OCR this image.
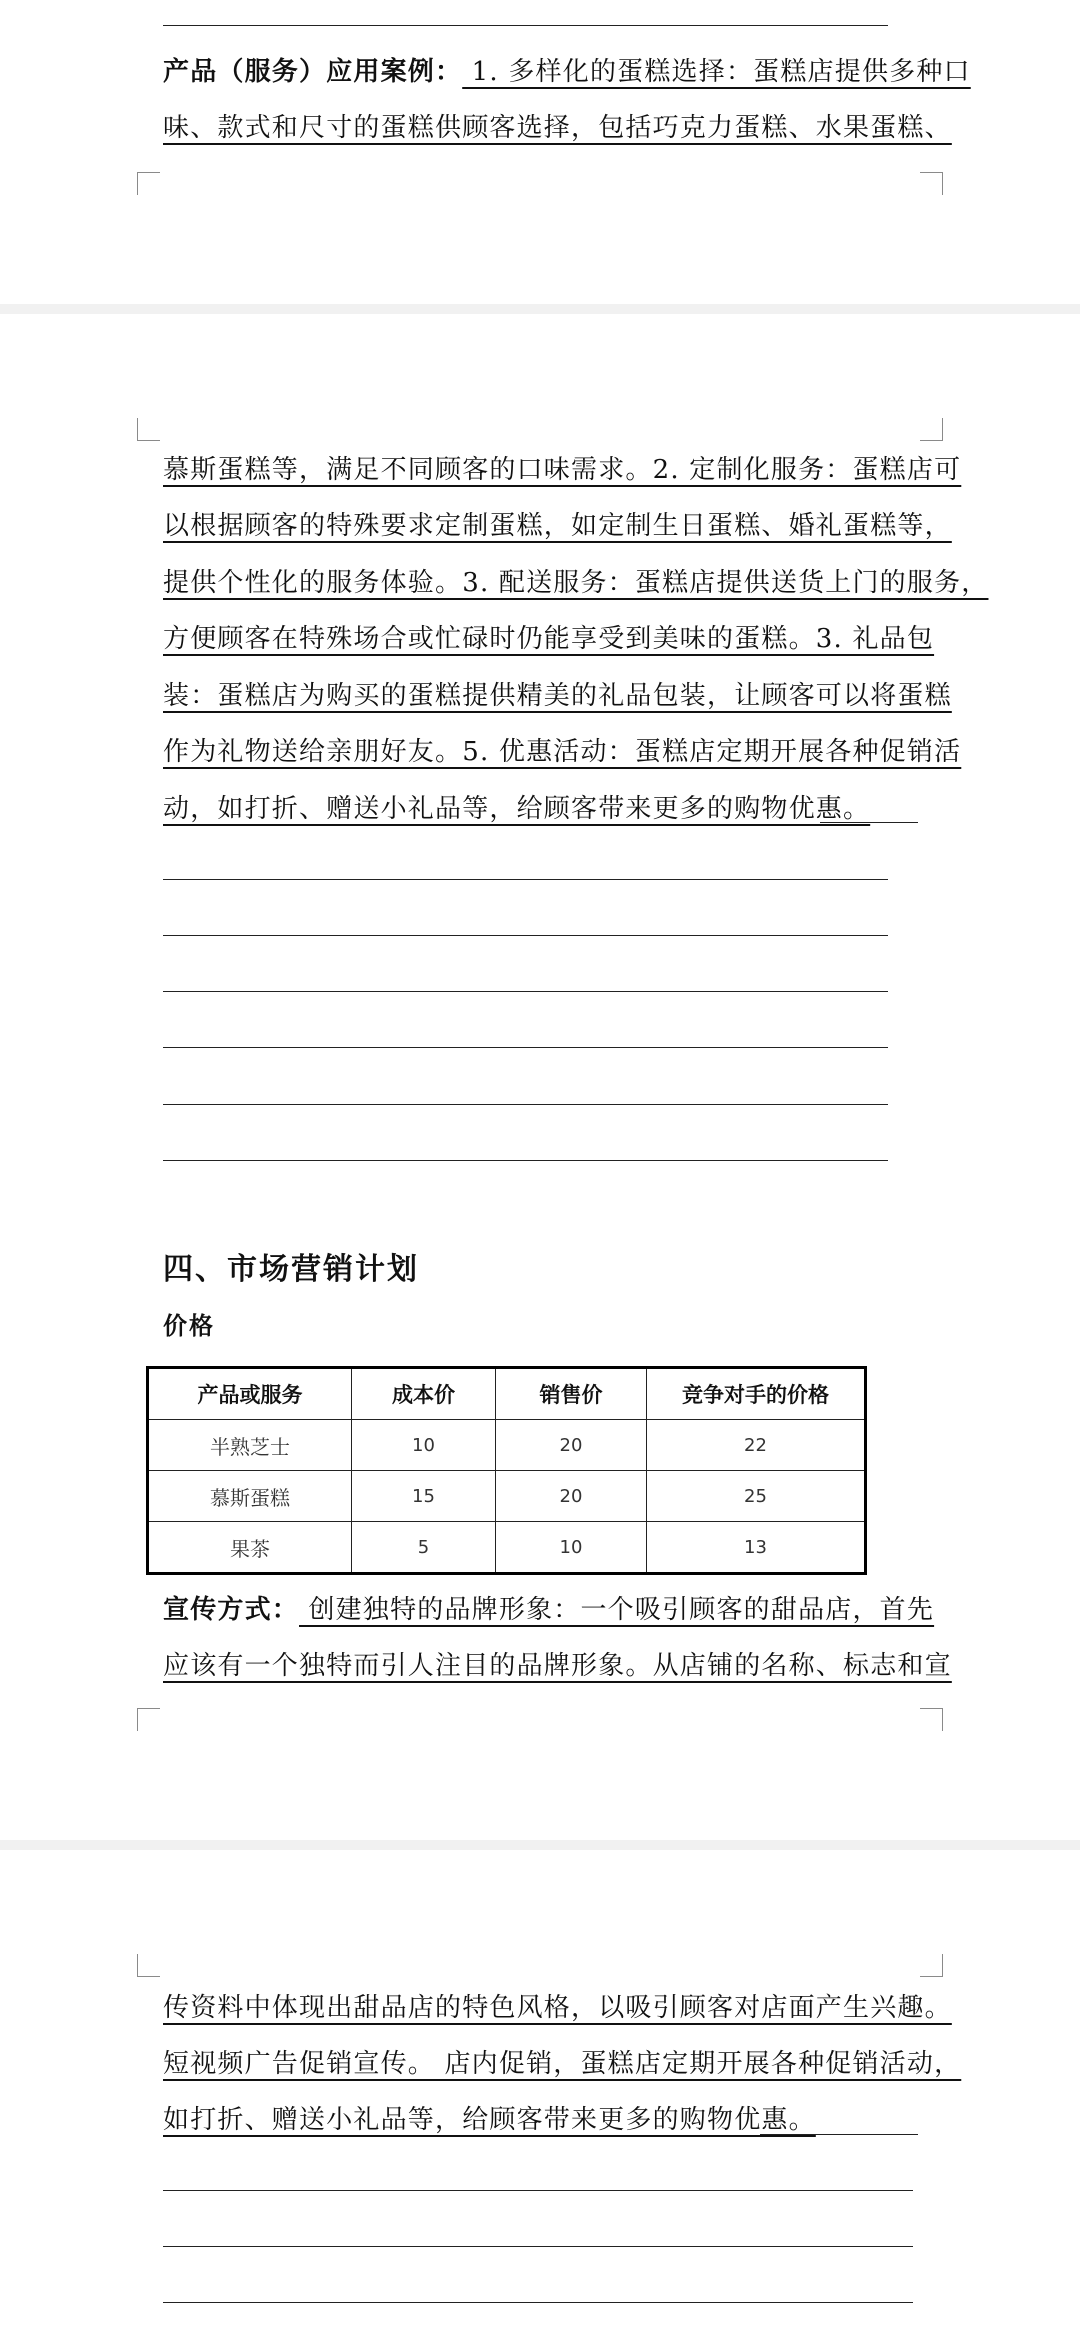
产品（服务）应用案例： 1. 多样化的蛋糕选择：蛋糕店提供多种口
味、款式和尺寸的蛋糕供顾客选择，包括巧克力蛋糕、水果蛋糕、
慕斯蛋糕等，满足不同顾客的口味需求。2. 定制化服务：蛋糕店可
以根据顾客的特殊要求定制蛋糕，如定制生日蛋糕、婚礼蛋糕等，
提供个性化的服务体验。3. 配送服务：蛋糕店提供送货上门的服务，
方便顾客在特殊场合或忙碌时仍能享受到美味的蛋糕。3. 礼品包
装：蛋糕店为购买的蛋糕提供精美的礼品包装，让顾客可以将蛋糕
作为礼物送给亲朋好友。5. 优惠活动：蛋糕店定期开展各种促销活
动，如打折、赠送小礼品等，给顾客带来更多的购物优惠。
四、市场营销计划
价格
产品或服务	成本价	销售价	竞争对手的价格
半熟芝士	10	20	22
慕斯蛋糕	15	20	25
果茶	5	10	13
宣传方式： 创建独特的品牌形象：一个吸引顾客的甜品店，首先
应该有一个独特而引人注目的品牌形象。从店铺的名称、标志和宣
传资料中体现出甜品店的特色风格，以吸引顾客对店面产生兴趣。
短视频广告促销宣传。 店内促销，蛋糕店定期开展各种促销活动，
如打折、赠送小礼品等，给顾客带来更多的购物优惠。
